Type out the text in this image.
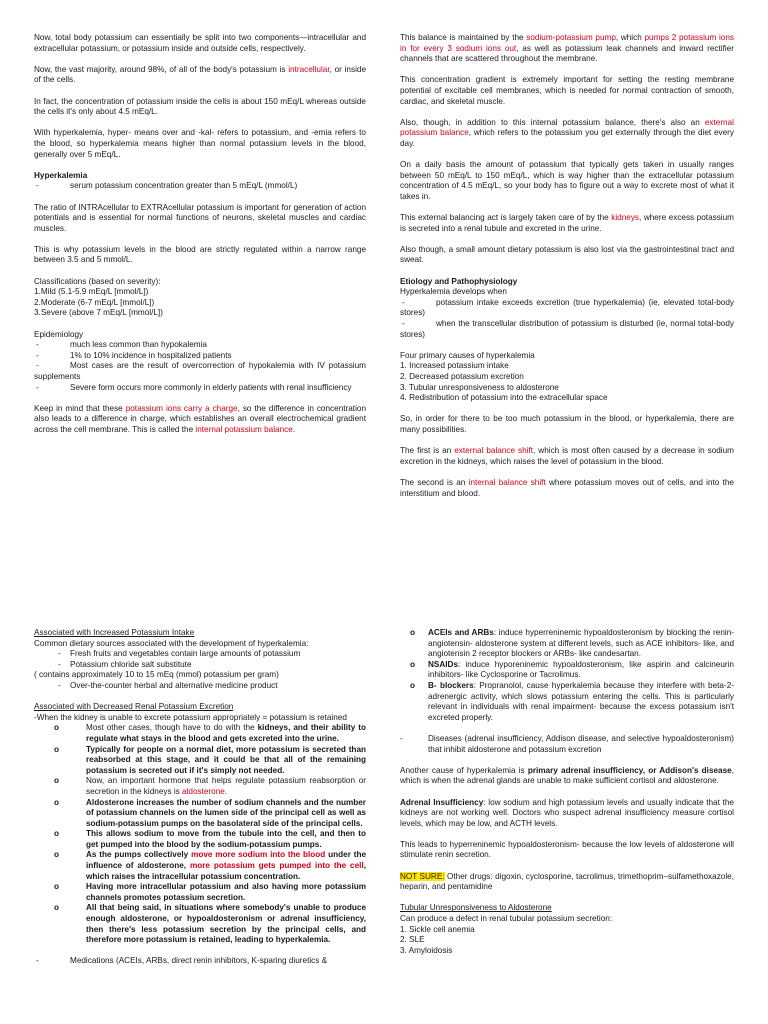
Now, total body potassium can essentially be split into two components—intracellular and extracellular potassium, or potassium inside and outside cells, respectively.

Now, the vast majority, around 98%, of all of the body's potassium is intracellular, or inside of the cells.

In fact, the concentration of potassium inside the cells is about 150 mEq/L whereas outside the cells it's only about 4.5 mEq/L.

With hyperkalemia, hyper- means over and -kal- refers to potassium, and -emia refers to the blood, so hyperkalemia means higher than normal potassium levels in the blood, generally over 5 mEq/L.

Hyperkalemia

- serum potassium concentration greater than 5 mEq/L (mmol/L)

The ratio of INTRAcellular to EXTRAcellular potassium is important for generation of action potentials and is essential for normal functions of neurons, skeletal muscles and cardiac muscles.

This is why potassium levels in the blood are strictly regulated within a narrow range between 3.5 and 5 mmol/L.

Classifications (based on severity):
1.Mild (5.1-5.9 mEq/L [mmol/L])
2.Moderate (6-7 mEq/L [mmol/L])
3.Severe (above 7 mEq/L [mmol/L])
Epidemiology
- much less common than hypokalemia
- 1% to 10% incidence in hospitalized patients
- Most cases are the result of overcorrection of hypokalemia with IV potassium supplements
- Severe form occurs more commonly in elderly patients with renal insufficiency

Keep in mind that these potassium ions carry a charge, so the difference in concentration also leads to a difference in charge, which establishes an overall electrochemical gradient across the cell membrane. This is called the internal potassium balance.

This balance is maintained by the sodium-potassium pump, which pumps 2 potassium ions in for every 3 sodium ions out, as well as potassium leak channels and inward rectifier channels that are scattered throughout the membrane.

This concentration gradient is extremely important for setting the resting membrane potential of excitable cell membranes, which is needed for normal contraction of smooth, cardiac, and skeletal muscle.

Also, though, in addition to this internal potassium balance, there's also an external potassium balance, which refers to the potassium you get externally through the diet every day.

On a daily basis the amount of potassium that typically gets taken in usually ranges between 50 mEq/L to 150 mEq/L, which is way higher than the extracellular potassium concentration of 4.5 mEq/L, so your body has to figure out a way to excrete most of what it takes in.

This external balancing act is largely taken care of by the kidneys, where excess potassium is secreted into a renal tubule and excreted in the urine.

Also though, a small amount dietary potassium is also lost via the gastrointestinal tract and sweat.

Etiology and Pathophysiology
Hyperkalemia develops when
- potassium intake exceeds excretion (true hyperkalemia) (ie, elevated total-body stores)
- when the transcellular distribution of potassium is disturbed (ie, normal total-body stores)
Four primary causes of hyperkalemia
1. Increased potassium intake
2. Decreased potassium excretion
3. Tubular unresponsiveness to aldosterone
4. Redistribution of potassium into the extracellular space

So, in order for there to be too much potassium in the blood, or hyperkalemia, there are many possibilities.

The first is an external balance shift, which is most often caused by a decrease in sodium excretion in the kidneys, which raises the level of potassium in the blood.

The second is an internal balance shift where potassium moves out of cells, and into the interstitium and blood.

Associated with Increased Potassium Intake
Common dietary sources associated with the development of hyperkalemia:
- Fresh fruits and vegetables contain large amounts of potassium
- Potassium chloride salt substitute
( contains approximately 10 to 15 mEq (mmol) potassium per gram)
- Over-the-counter herbal and alternative medicine product
Associated with Decreased Renal Potassium Excretion
-When the kidney is unable to excrete potassium appropriately = potassium is retained
o Most other cases, though have to do with the kidneys, and their ability to regulate what stays in the blood and gets excreted into the urine.
o Typically for people on a normal diet, more potassium is secreted than reabsorbed at this stage, and it could be that all of the remaining potassium is secreted out if it's simply not needed.
o Now, an important hormone that helps regulate potassium reabsorption or secretion in the kidneys is aldosterone.
o Aldosterone increases the number of sodium channels and the number of potassium channels on the lumen side of the principal cell as well as sodium-potassium pumps on the basolateral side of the principal cells.
o This allows sodium to move from the tubule into the cell, and then to get pumped into the blood by the sodium-potassium pumps.
o As the pumps collectively move more sodium into the blood under the influence of aldosterone, more potassium gets pumped into the cell, which raises the intracellular potassium concentration.
o Having more intracellular potassium and also having more potassium channels promotes potassium secretion.
o All that being said, in situations where somebody's unable to produce enough aldosterone, or hypoaldosteronism or adrenal insufficiency, then there's less potassium secretion by the principal cells, and therefore more potassium is retained, leading to hyperkalemia.
- Medications (ACEIs, ARBs, direct renin inhibitors, K-sparing diuretics &
o ACEIs and ARBs: induce hyperreninemic hypoaldosteronism by blocking the renin- angiotensin- aldosterone system at different levels, such as ACE inhibitors- like, and angiotensin 2 receptor blockers or ARBs- like candesartan.
o NSAIDs: induce hyporeninemic hypoaldosteronism, like aspirin and calcineurin inhibitors- like Cyclosporine or Tacrolimus.
o B- blockers: Propranolol, cause hyperkalemia because they interfere with beta-2-adrenergic activity, which slows potassium entering the cells. This is particularly relevant in individuals with renal impairment- because the excess potassium isn't excreted properly.
- Diseases (adrenal insufficiency, Addison disease, and selective hypoaldosteronism) that inhibit aldosterone and potassium excretion

Another cause of hyperkalemia is primary adrenal insufficiency, or Addison's disease, which is when the adrenal glands are unable to make sufficient cortisol and aldosterone.

Adrenal Insufficiency: low sodium and high potassium levels and usually indicate that the kidneys are not working well. Doctors who suspect adrenal insufficiency measure cortisol levels, which may be low, and ACTH levels.

This leads to hyperreninemic hypoaldosteronism- because the low levels of aldosterone will stimulate renin secretion.

NOT SURE: Other drugs: digoxin, cyclosporine, tacrolimus, trimethoprim–sulfamethoxazole, heparin, and pentamidine

Tubular Unresponsiveness to Aldosterone
Can produce a defect in renal tubular potassium secretion:
1. Sickle cell anemia
2. SLE
3. Amyloidosis
